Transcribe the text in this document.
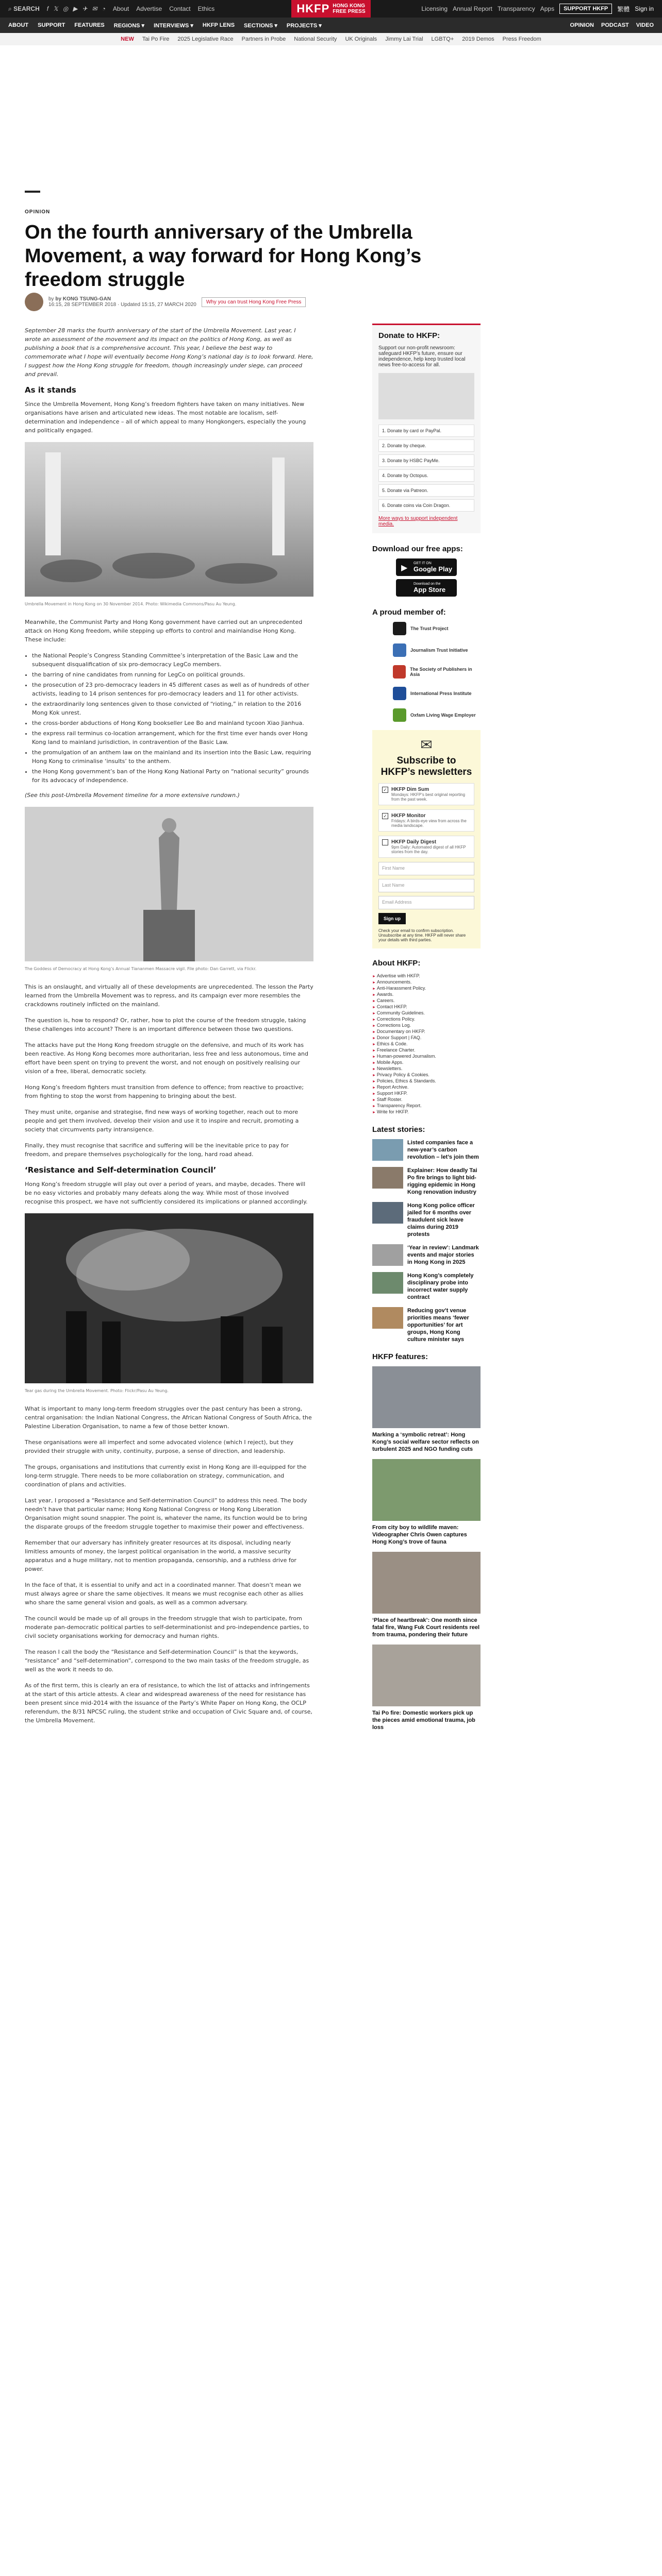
⌕ SEARCH f 𝕏 ◎ ▶ ✈ ✉ ◔ About Advertise Contact Ethics	HKFP HONG KONG
FREE PRESS	Licensing Annual Report Transparency Apps	SUPPORT HKFP	繁體 Sign in
ABOUT SUPPORT FEATURES REGIONS ▾ INTERVIEWS ▾ HKFP LENS SECTIONS ▾ PROJECTS ▾	OPINION PODCAST VIDEO
NEW Tai Po Fire 2025 Legislative Race Partners in Probe National Security UK Originals Jimmy Lai Trial LGBTQ+ 2019 Demos Press Freedom
OPINION
On the fourth anniversary of the Umbrella Movement, a way forward for Hong Kong’s freedom struggle
by by KONG TSUNG-GAN
16:15, 28 SEPTEMBER 2018 · Updated 15:15, 27 MARCH 2020	Why you can trust Hong Kong Free Press

September 28 marks the fourth anniversary of the start of the Umbrella Movement. Last year, I wrote an assessment of the movement and its impact on the politics of Hong Kong, as well as publishing a book that is a comprehensive account. This year, I believe the best way to commemorate what I hope will eventually become Hong Kong’s national day is to look forward. Here, I suggest how the Hong Kong struggle for freedom, though increasingly under siege, can proceed and prevail.

As it stands

Since the Umbrella Movement, Hong Kong’s freedom fighters have taken on many initiatives. New organisations have arisen and articulated new ideas. The most notable are localism, self-determination and independence – all of which appeal to many Hongkongers, especially the young and politically engaged.

Umbrella Movement in Hong Kong on 30 November 2014. Photo: Wikimedia Commons/Pasu Au Yeung.

Meanwhile, the Communist Party and Hong Kong government have carried out an unprecedented attack on Hong Kong freedom, while stepping up efforts to control and mainlandise Hong Kong. These include:

• the National People’s Congress Standing Committee’s interpretation of the Basic Law and the subsequent disqualification of six pro-democracy LegCo members.
• the barring of nine candidates from running for LegCo on political grounds.
• the prosecution of 23 pro-democracy leaders in 45 different cases as well as of hundreds of other activists, leading to 14 prison sentences for pro-democracy leaders and 11 for other activists.
• the extraordinarily long sentences given to those convicted of “rioting,” in relation to the 2016 Mong Kok unrest.
• the cross-border abductions of Hong Kong bookseller Lee Bo and mainland tycoon Xiao Jianhua.
• the express rail terminus co-location arrangement, which for the first time ever hands over Hong Kong land to mainland jurisdiction, in contravention of the Basic Law.
• the promulgation of an anthem law on the mainland and its insertion into the Basic Law, requiring Hong Kong to criminalise ‘insults’ to the anthem.
• the Hong Kong government’s ban of the Hong Kong National Party on “national security” grounds for its advocacy of independence.

(See this post-Umbrella Movement timeline for a more extensive rundown.)

The Goddess of Democracy at Hong Kong’s Annual Tiananmen Massacre vigil. File photo: Dan Garrett, via Flickr.

This is an onslaught, and virtually all of these developments are unprecedented. The lesson the Party learned from the Umbrella Movement was to repress, and its campaign ever more resembles the crackdowns routinely inflicted on the mainland.

The question is, how to respond? Or, rather, how to plot the course of the freedom struggle, taking these challenges into account? There is an important difference between those two questions.

The attacks have put the Hong Kong freedom struggle on the defensive, and much of its work has been reactive. As Hong Kong becomes more authoritarian, less free and less autonomous, time and effort have been spent on trying to prevent the worst, and not enough on positively realising our vision of a free, liberal, democratic society.

Hong Kong’s freedom fighters must transition from defence to offence; from reactive to proactive; from fighting to stop the worst from happening to bringing about the best.

They must unite, organise and strategise, find new ways of working together, reach out to more people and get them involved, develop their vision and use it to inspire and recruit, promoting a society that circumvents party intransigence.

Finally, they must recognise that sacrifice and suffering will be the inevitable price to pay for freedom, and prepare themselves psychologically for the long, hard road ahead.

‘Resistance and Self-determination Council’

Hong Kong’s freedom struggle will play out over a period of years, and maybe, decades. There will be no easy victories and probably many defeats along the way. While most of those involved recognise this prospect, we have not sufficiently considered its implications or planned accordingly.

Tear gas during the Umbrella Movement. Photo: Flickr/Pasu Au Yeung.

What is important to many long-term freedom struggles over the past century has been a strong, central organisation: the Indian National Congress, the African National Congress of South Africa, the Palestine Liberation Organisation, to name a few of those better known.

These organisations were all imperfect and some advocated violence (which I reject), but they provided their struggle with unity, continuity, purpose, a sense of direction, and leadership.

The groups, organisations and institutions that currently exist in Hong Kong are ill-equipped for the long-term struggle. There needs to be more collaboration on strategy, communication, and coordination of plans and activities.

Last year, I proposed a “Resistance and Self-determination Council” to address this need. The body needn’t have that particular name; Hong Kong National Congress or Hong Kong Liberation Organisation might sound snappier. The point is, whatever the name, its function would be to bring the disparate groups of the freedom struggle together to maximise their power and effectiveness.

Remember that our adversary has infinitely greater resources at its disposal, including nearly limitless amounts of money, the largest political organisation in the world, a massive security apparatus and a huge military, not to mention propaganda, censorship, and a ruthless drive for power.

In the face of that, it is essential to unify and act in a coordinated manner. That doesn’t mean we must always agree or share the same objectives. It means we must recognise each other as allies who share the same general vision and goals, as well as a common adversary.

The council would be made up of all groups in the freedom struggle that wish to participate, from moderate pan-democratic political parties to self-determinationist and pro-independence parties, to civil society organisations working for democracy and human rights.

The reason I call the body the “Resistance and Self-determination Council” is that the keywords, “resistance” and “self-determination”, correspond to the two main tasks of the freedom struggle, as well as the work it needs to do.

As of the first term, this is clearly an era of resistance, to which the list of attacks and infringements at the start of this article attests. A clear and widespread awareness of the need for resistance has been present since mid-2014 with the issuance of the Party’s White Paper on Hong Kong, the OCLP referendum, the 8/31 NPCSC ruling, the student strike and occupation of Civic Square and, of course, the Umbrella Movement.

Donate to HKFP:

Support our non-profit newsroom: safeguard HKFP’s future, ensure our independence, help keep trusted local news free-to-access for all.

1. Donate by card or PayPal.
2. Donate by cheque.
3. Donate by HSBC PayMe.
4. Donate by Octopus.
5. Donate via Patreon.
6. Donate coins via Coin Dragon.
More ways to support independent media.
Download our free apps:
▶
GET IT ON
Google Play
Download on the
App Store
A proud member of:
The Trust Project
Journalism Trust Initiative
The Society of Publishers in Asia
International Press Institute
Oxfam Living Wage Employer
✉
Subscribe to HKFP’s newsletters
✓ HKFP Dim Sum
Mondays: HKFP’s best original reporting from the past week.
✓ HKFP Monitor
Fridays: A birds-eye view from across the media landscape.
HKFP Daily Digest
9pm Daily: Automated digest of all HKFP stories from the day.
First Name
Last Name
Email Address
Sign up

Check your email to confirm subscription. Unsubscribe at any time. HKFP will never share your details with third parties.

About HKFP:
► Advertise with HKFP.
► Announcements.
► Anti-Harassment Policy.
► Awards.
► Careers.
► Contact HKFP.
► Community Guidelines.
► Corrections Policy.
► Corrections Log.
► Documentary on HKFP.
► Donor Support | FAQ.
► Ethics & Code.
► Freelance Charter.
► Human-powered Journalism.
► Mobile Apps.
► Newsletters.
► Privacy Policy & Cookies.
► Policies, Ethics & Standards.
► Report Archive.
► Support HKFP.
► Staff Roster.
► Transparency Report.
► Write for HKFP.
Latest stories:
Listed companies face a new-year’s carbon revolution – let’s join them
Explainer: How deadly Tai Po fire brings to light bid-rigging epidemic in Hong Kong renovation industry
Hong Kong police officer jailed for 6 months over fraudulent sick leave claims during 2019 protests
‘Year in review’: Landmark events and major stories in Hong Kong in 2025
Hong Kong’s completely disciplinary probe into incorrect water supply contract
Reducing gov’t venue priorities means ‘fewer opportunities’ for art groups, Hong Kong culture minister says
HKFP features:
Marking a ‘symbolic retreat’: Hong Kong’s social welfare sector reflects on turbulent 2025 and NGO funding cuts
From city boy to wildlife maven: Videographer Chris Owen captures Hong Kong’s trove of fauna
‘Place of heartbreak’: One month since fatal fire, Wang Fuk Court residents reel from trauma, pondering their future
Tai Po fire: Domestic workers pick up the pieces amid emotional trauma, job loss
